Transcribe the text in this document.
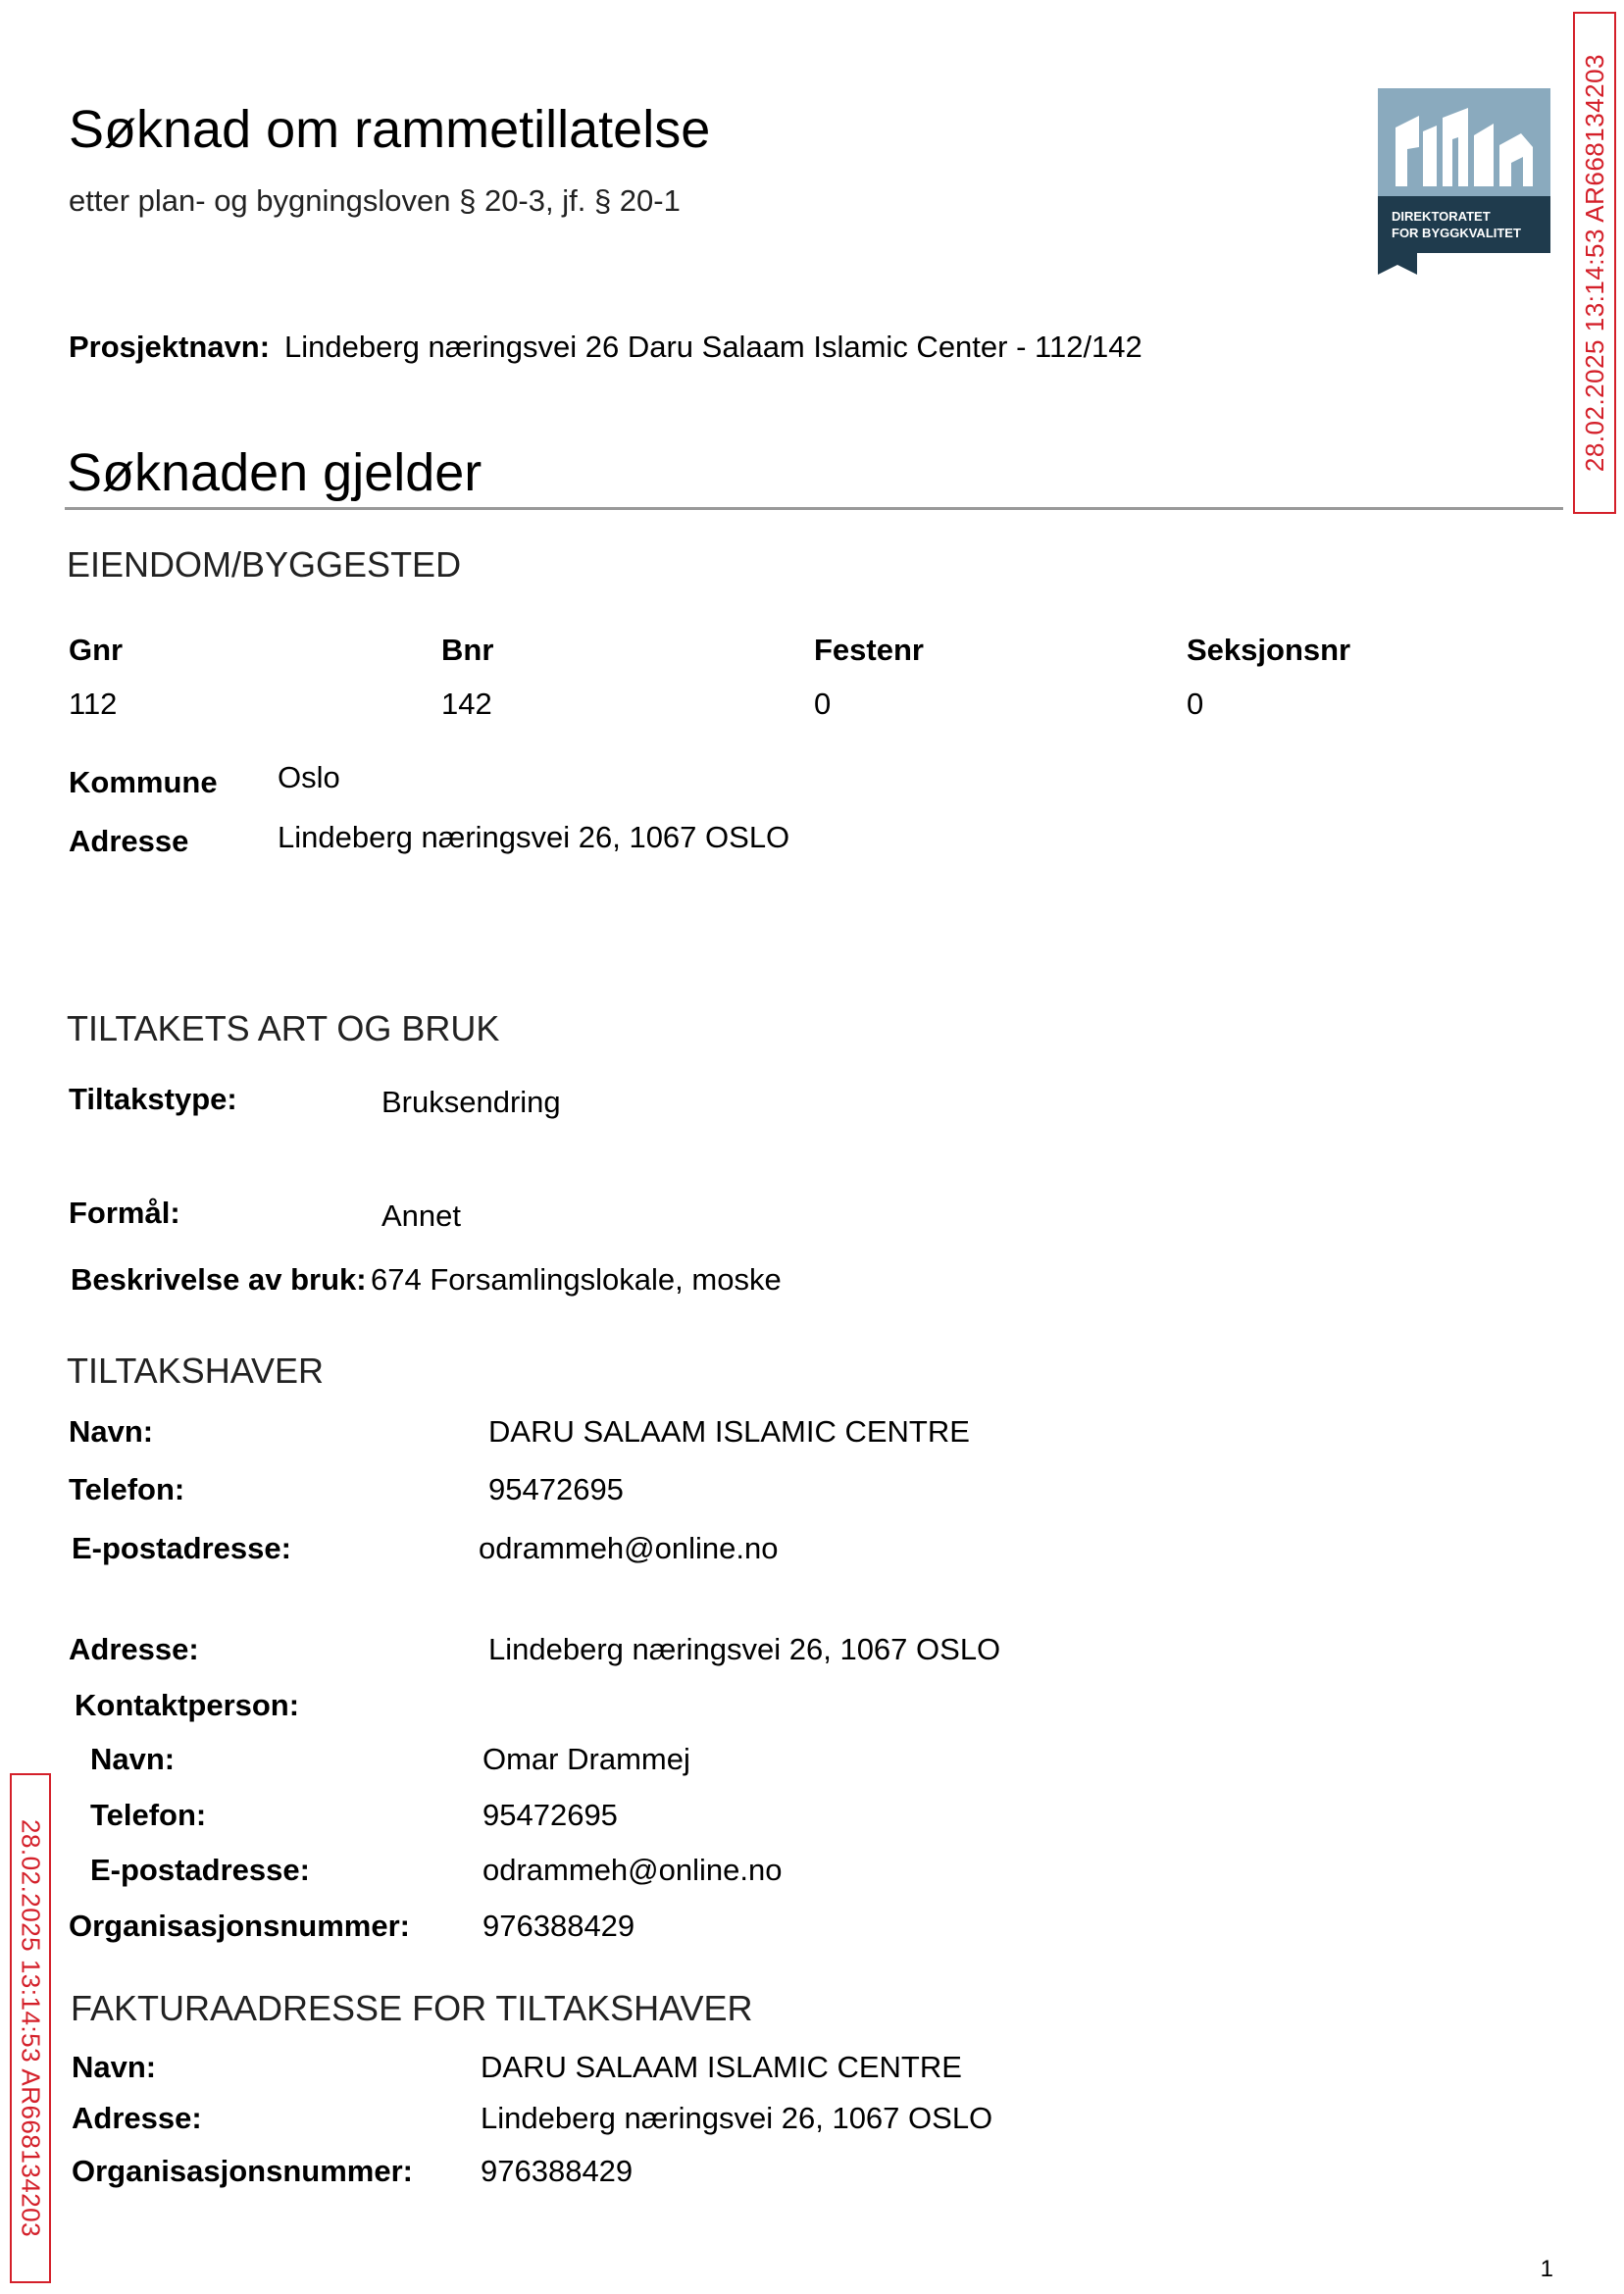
Søknad om rammetillatelse
etter plan- og bygningsloven § 20-3, jf. § 20-1	DIREKTORATET
FOR BYGGKVALITET 28.02.2025 13:14:53 AR668134203
28.02.2025 13:14:53 AR668134203
Prosjektnavn: Lindeberg næringsvei 26 Daru Salaam Islamic Center - 112/142
Søknaden gjelder
EIENDOM/BYGGESTED
Gnr	Bnr	Festenr	Seksjonsnr
112	142	0	0
Kommune Oslo
Adresse	Lindeberg næringsvei 26, 1067 OSLO
TILTAKETS ART OG BRUK
Tiltakstype:	Bruksendring
Formål:	Annet
Beskrivelse av bruk: 674 Forsamlingslokale, moske
TILTAKSHAVER
Navn:	DARU SALAAM ISLAMIC CENTRE
Telefon:	95472695
E-postadresse:	odrammeh@online.no
Adresse:	Lindeberg næringsvei 26, 1067 OSLO
Kontaktperson:
Navn:	Omar Drammej
Telefon:	95472695
E-postadresse:	odrammeh@online.no
Organisasjonsnummer: 976388429
FAKTURAADRESSE FOR TILTAKSHAVER
Navn:	DARU SALAAM ISLAMIC CENTRE
Adresse:	Lindeberg næringsvei 26, 1067 OSLO
Organisasjonsnummer: 976388429
1
